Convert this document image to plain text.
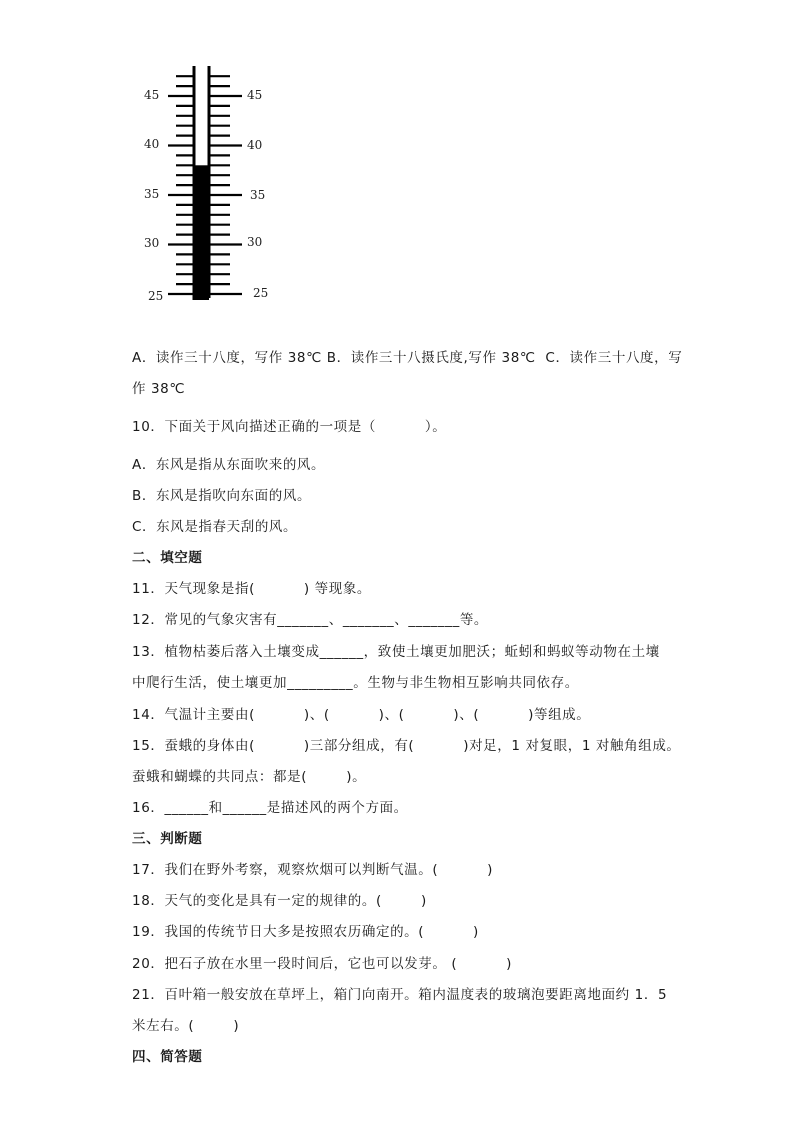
45
40
35
30
25
45
40
35
30
25
A．读作三十八度，写作 38℃ B．读作三十八摄氏度,写作 38℃  C．读作三十八度，写
作 38℃
10．下面关于风向描述正确的一项是（          ）。
A．东风是指从东面吹来的风。
B．东风是指吹向东面的风。
C．东风是指春天刮的风。
二、填空题
11．天气现象是指(          ) 等现象。
12．常见的气象灾害有_______、_______、_______等。
13．植物枯萎后落入土壤变成______，致使土壤更加肥沃；蚯蚓和蚂蚁等动物在土壤
中爬行生活，使土壤更加_________。生物与非生物相互影响共同依存。
14．气温计主要由(          )、(          )、(          )、(          )等组成。
15．蚕蛾的身体由(          )三部分组成，有(          )对足，1 对复眼，1 对触角组成。
蚕蛾和蝴蝶的共同点：都是(        )。
16．______和______是描述风的两个方面。
三、判断题
17．我们在野外考察，观察炊烟可以判断气温。(          )
18．天气的变化是具有一定的规律的。(        )
19．我国的传统节日大多是按照农历确定的。(          )
20．把石子放在水里一段时间后，它也可以发芽。 (          )
21．百叶箱一般安放在草坪上，箱门向南开。箱内温度表的玻璃泡要距离地面约 1．5
米左右。(        )
四、简答题
